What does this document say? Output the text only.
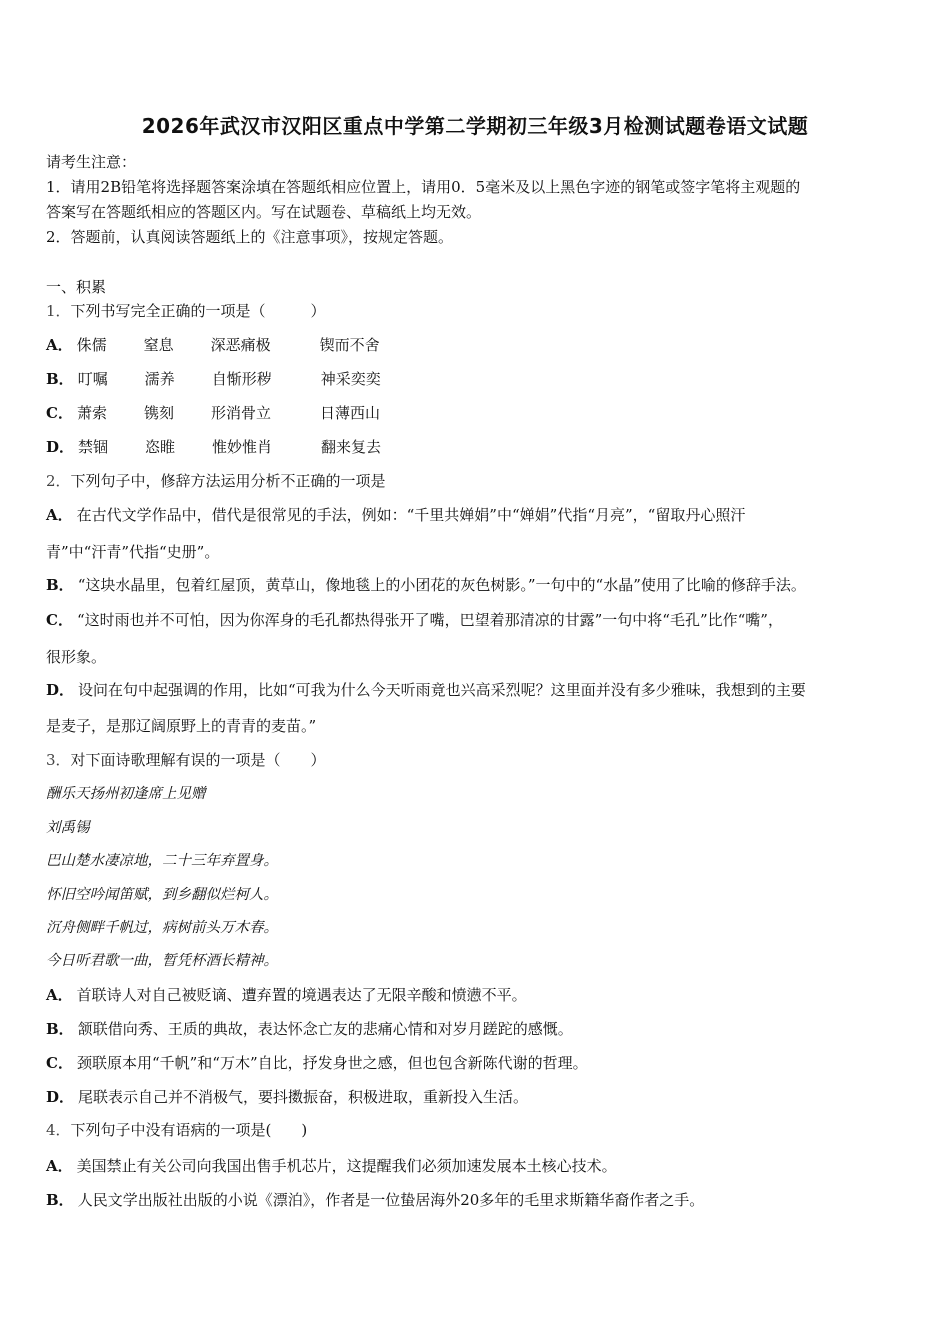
2026年武汉市汉阳区重点中学第二学期初三年级3月检测试题卷语文试题
请考生注意：
1．请用2B铅笔将选择题答案涂填在答题纸相应位置上，请用0．5毫米及以上黑色字迹的钢笔或签字笔将主观题的
答案写在答题纸相应的答题区内。写在试题卷、草稿纸上均无效。
2．答题前，认真阅读答题纸上的《注意事项》，按规定答题。
一、积累
1．下列书写完全正确的一项是（　　　）
A． 侏儒 窒息 深恶痛极	锲而不舍
B． 叮嘱 濡养 自惭形秽	神采奕奕
C． 萧索 镌刻 形消骨立	日薄西山
D． 禁锢 恣睢 惟妙惟肖	翻来复去
2．下列句子中，修辞方法运用分析不正确的一项是
A． 在古代文学作品中，借代是很常见的手法，例如：“千里共婵娟”中“婵娟”代指“月亮”，“留取丹心照汗
青”中“汗青”代指“史册”。
B． “这块水晶里，包着红屋顶，黄草山，像地毯上的小团花的灰色树影。”一句中的“水晶”使用了比喻的修辞手法。
C． “这时雨也并不可怕，因为你浑身的毛孔都热得张开了嘴，巴望着那清凉的甘露”一句中将“毛孔”比作“嘴”，
很形象。
D． 设问在句中起强调的作用，比如“可我为什么今天听雨竟也兴高采烈呢？这里面并没有多少雅味，我想到的主要
是麦子，是那辽阔原野上的青青的麦苗。”
3．对下面诗歌理解有误的一项是（　　）
酬乐天扬州初逢席上见赠
刘禹锡
巴山楚水凄凉地，二十三年弃置身。
怀旧空吟闻笛赋，到乡翻似烂柯人。
沉舟侧畔千帆过，病树前头万木春。
今日听君歌一曲，暂凭杯酒长精神。
A． 首联诗人对自己被贬谪、遭弃置的境遇表达了无限辛酸和愤懑不平。
B． 颔联借向秀、王质的典故，表达怀念亡友的悲痛心情和对岁月蹉跎的感慨。
C． 颈联原本用“千帆”和“万木”自比，抒发身世之感，但也包含新陈代谢的哲理。
D． 尾联表示自己并不消极气，要抖擞振奋，积极进取，重新投入生活。
4．下列句子中没有语病的一项是(　　)
A． 美国禁止有关公司向我国出售手机芯片，这提醒我们必须加速发展本土核心技术。
B． 人民文学出版社出版的小说《漂泊》，作者是一位蛰居海外20多年的毛里求斯籍华裔作者之手。
